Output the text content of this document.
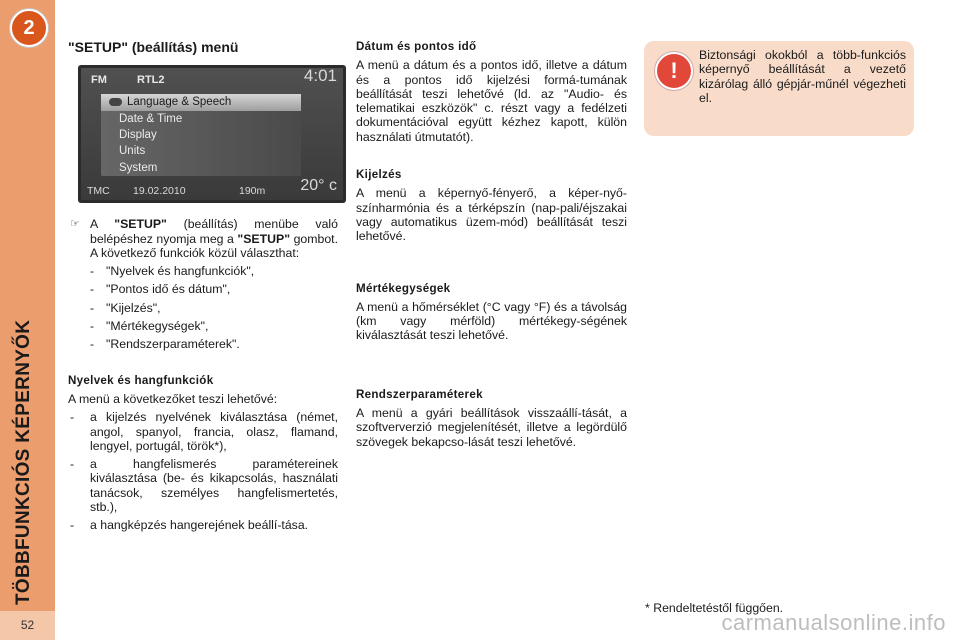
2
TÖBBFUNKCIÓS KÉPERNYŐK
52
"SETUP" (beállítás) menü
FM	RTL2	4:01
Language & Speech
Date & Time
Display
Units
System
TMC 19.02.2010	190m 20° c

☞ A "SETUP" (beállítás) menübe való belépéshez nyomja meg a "SETUP" gombot. A következő funkciók közül választhat:

- "Nyelvek és hangfunkciók",
- "Pontos idő és dátum",
- "Kijelzés",
- "Mértékegységek",
- "Rendszerparaméterek".
Nyelvek és hangfunkciók

A menü a következőket teszi lehetővé:

- a kijelzés nyelvének kiválasztása (német, angol, spanyol, francia, olasz, flamand, lengyel, portugál, török*),
- a hangfelismerés paramétereinek kiválasztása (be- és kikapcsolás, használati tanácsok, személyes hangfelismertetés, stb.),
- a hangképzés hangerejének beállí-tása.
Dátum és pontos idő

A menü a dátum és a pontos idő, illetve a dátum és a pontos idő kijelzési formá-tumának beállítását teszi lehetővé (ld. az "Audio- és telematikai eszközök" c. részt vagy a fedélzeti dokumentációval együtt kézhez kapott, külön használati útmutatót).

Kijelzés

A menü a képernyő-fényerő, a képer-nyő-színharmónia és a térképszín (nap-pali/éjszakai vagy automatikus üzem-mód) beállítását teszi lehetővé.

Mértékegységek

A menü a hőmérséklet (°C vagy °F) és a távolság (km vagy mérföld) mértékegy-ségének kiválasztását teszi lehetővé.

Rendszerparaméterek

A menü a gyári beállítások visszaállí-tását, a szoftververzió megjelenítését, illetve a legördülő szövegek bekapcso-lását teszi lehetővé.

!
Biztonsági okokból a több-funkciós képernyő beállítását a vezető kizárólag álló gépjár-műnél végezheti el.
* Rendeltetéstől függően.
carmanualsonline.info
